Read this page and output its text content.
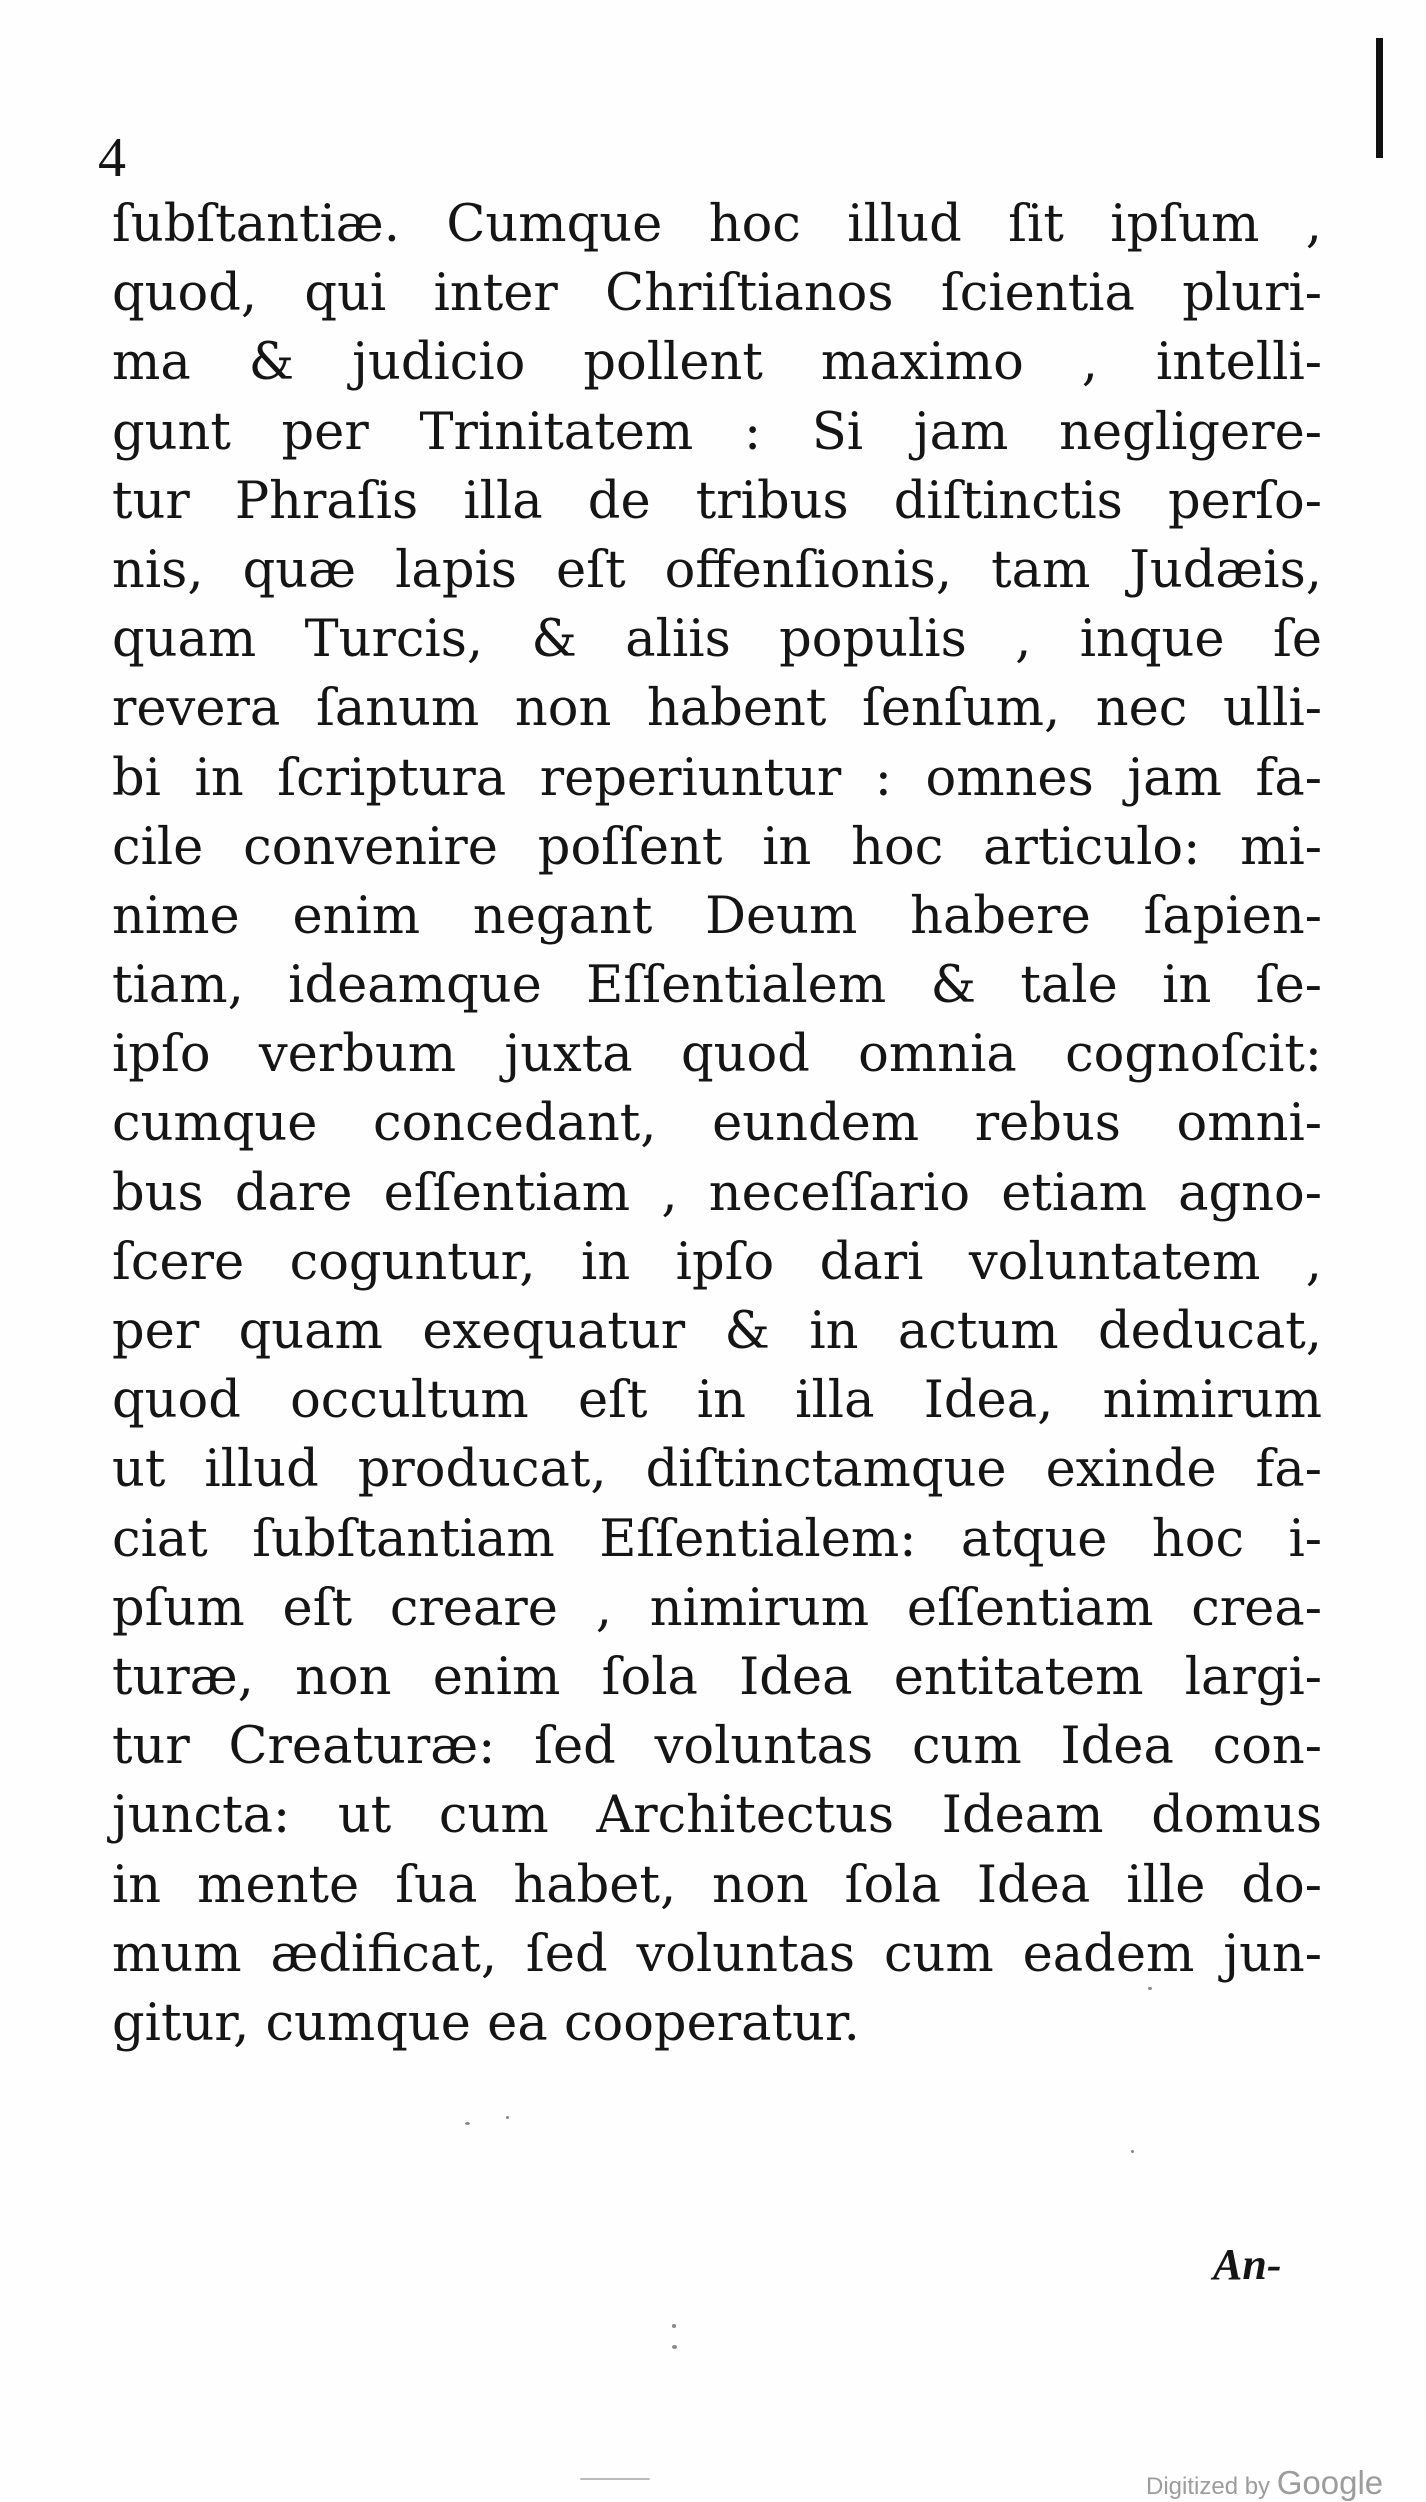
4
ſubſtantiæ. Cumque hoc illud ſit ipſum ,
quod, qui inter Chriſtianos ſcientia pluri-
ma & judicio pollent maximo , intelli-
gunt per Trinitatem : Si jam negligere-
tur Phraſis illa de tribus diſtinctis perſo-
nis, quæ lapis eſt offenſionis, tam Judæis,
quam Turcis, & aliis populis , inque ſe
revera ſanum non habent ſenſum, nec ulli-
bi in ſcriptura reperiuntur : omnes jam fa-
cile convenire poſſent in hoc articulo: mi-
nime enim negant Deum habere ſapien-
tiam, ideamque Eſſentialem & tale in ſe-
ipſo verbum juxta quod omnia cognoſcit:
cumque concedant, eundem rebus omni-
bus dare eſſentiam , neceſſario etiam agno-
ſcere coguntur, in ipſo dari voluntatem ,
per quam exequatur & in actum deducat,
quod occultum eſt in illa Idea, nimirum
ut illud producat, diſtinctamque exinde fa-
ciat ſubſtantiam Eſſentialem: atque hoc i-
pſum eſt creare , nimirum eſſentiam crea-
turæ, non enim ſola Idea entitatem largi-
tur Creaturæ: ſed voluntas cum Idea con-
juncta: ut cum Architectus Ideam domus
in mente ſua habet, non ſola Idea ille do-
mum ædificat, ſed voluntas cum eadem jun-
gitur, cumque ea cooperatur.
An-
Digitized by Google
